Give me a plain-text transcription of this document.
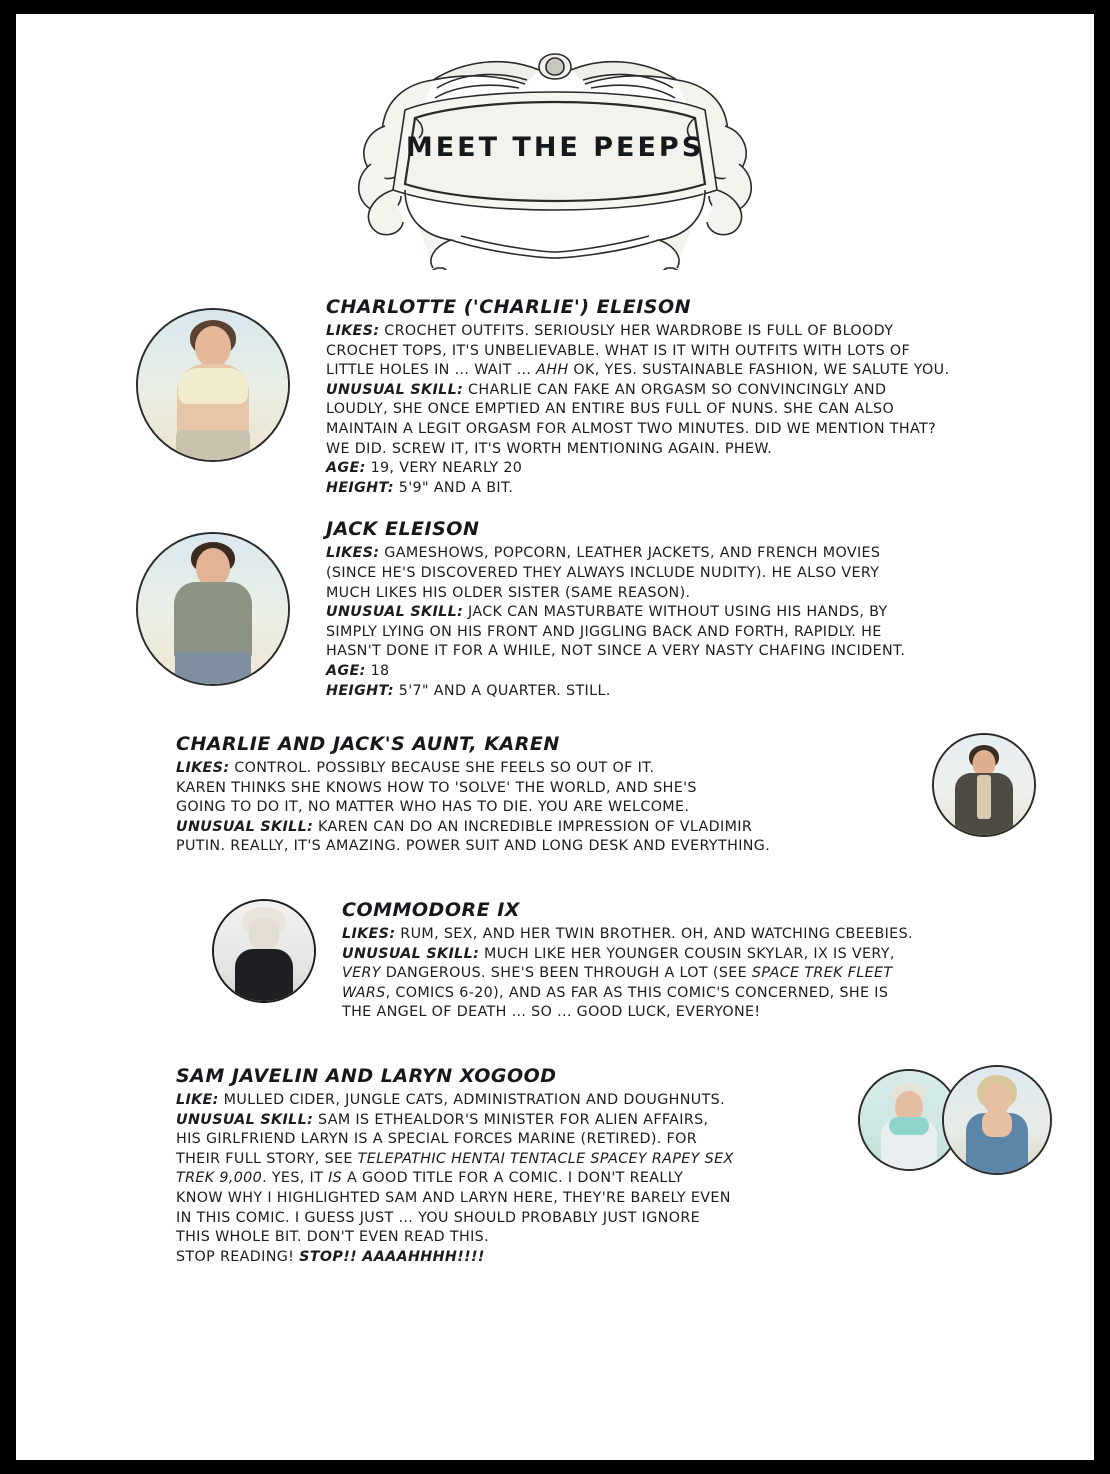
MEET THE PEEPS
CHARLOTTE ('CHARLIE') ELEISON

LIKES: CROCHET OUTFITS. SERIOUSLY HER WARDROBE IS FULL OF BLOODY

CROCHET TOPS, IT'S UNBELIEVABLE. WHAT IS IT WITH OUTFITS WITH LOTS OF

LITTLE HOLES IN ... WAIT ... AHH OK, YES. SUSTAINABLE FASHION, WE SALUTE YOU.

UNUSUAL SKILL: CHARLIE CAN FAKE AN ORGASM SO CONVINCINGLY AND

LOUDLY, SHE ONCE EMPTIED AN ENTIRE BUS FULL OF NUNS. SHE CAN ALSO

MAINTAIN A LEGIT ORGASM FOR ALMOST TWO MINUTES. DID WE MENTION THAT?

WE DID. SCREW IT, IT'S WORTH MENTIONING AGAIN. PHEW.

AGE: 19, VERY NEARLY 20

HEIGHT: 5'9" AND A BIT.

JACK ELEISON

LIKES: GAMESHOWS, POPCORN, LEATHER JACKETS, AND FRENCH MOVIES

(SINCE HE'S DISCOVERED THEY ALWAYS INCLUDE NUDITY). HE ALSO VERY

MUCH LIKES HIS OLDER SISTER (SAME REASON).

UNUSUAL SKILL: JACK CAN MASTURBATE WITHOUT USING HIS HANDS, BY

SIMPLY LYING ON HIS FRONT AND JIGGLING BACK AND FORTH, RAPIDLY. HE

HASN'T DONE IT FOR A WHILE, NOT SINCE A VERY NASTY CHAFING INCIDENT.

AGE: 18

HEIGHT: 5'7" AND A QUARTER. STILL.

CHARLIE AND JACK'S AUNT, KAREN

LIKES: CONTROL. POSSIBLY BECAUSE SHE FEELS SO OUT OF IT.

KAREN THINKS SHE KNOWS HOW TO 'SOLVE' THE WORLD, AND SHE'S

GOING TO DO IT, NO MATTER WHO HAS TO DIE. YOU ARE WELCOME.

UNUSUAL SKILL: KAREN CAN DO AN INCREDIBLE IMPRESSION OF VLADIMIR

PUTIN. REALLY, IT'S AMAZING. POWER SUIT AND LONG DESK AND EVERYTHING.

COMMODORE IX

LIKES: RUM, SEX, AND HER TWIN BROTHER. OH, AND WATCHING CBEEBIES.

UNUSUAL SKILL: MUCH LIKE HER YOUNGER COUSIN SKYLAR, IX IS VERY,

VERY DANGEROUS. SHE'S BEEN THROUGH A LOT (SEE SPACE TREK FLEET

WARS, COMICS 6-20), AND AS FAR AS THIS COMIC'S CONCERNED, SHE IS

THE ANGEL OF DEATH ... SO ... GOOD LUCK, EVERYONE!

SAM JAVELIN AND LARYN XOGOOD

LIKE: MULLED CIDER, JUNGLE CATS, ADMINISTRATION AND DOUGHNUTS.

UNUSUAL SKILL: SAM IS ETHEALDOR'S MINISTER FOR ALIEN AFFAIRS,

HIS GIRLFRIEND LARYN IS A SPECIAL FORCES MARINE (RETIRED). FOR

THEIR FULL STORY, SEE TELEPATHIC HENTAI TENTACLE SPACEY RAPEY SEX

TREK 9,000. YES, IT IS A GOOD TITLE FOR A COMIC. I DON'T REALLY

KNOW WHY I HIGHLIGHTED SAM AND LARYN HERE, THEY'RE BARELY EVEN

IN THIS COMIC. I GUESS JUST ... YOU SHOULD PROBABLY JUST IGNORE

THIS WHOLE BIT. DON'T EVEN READ THIS.

STOP READING! STOP!! AAAAHHHH!!!!
